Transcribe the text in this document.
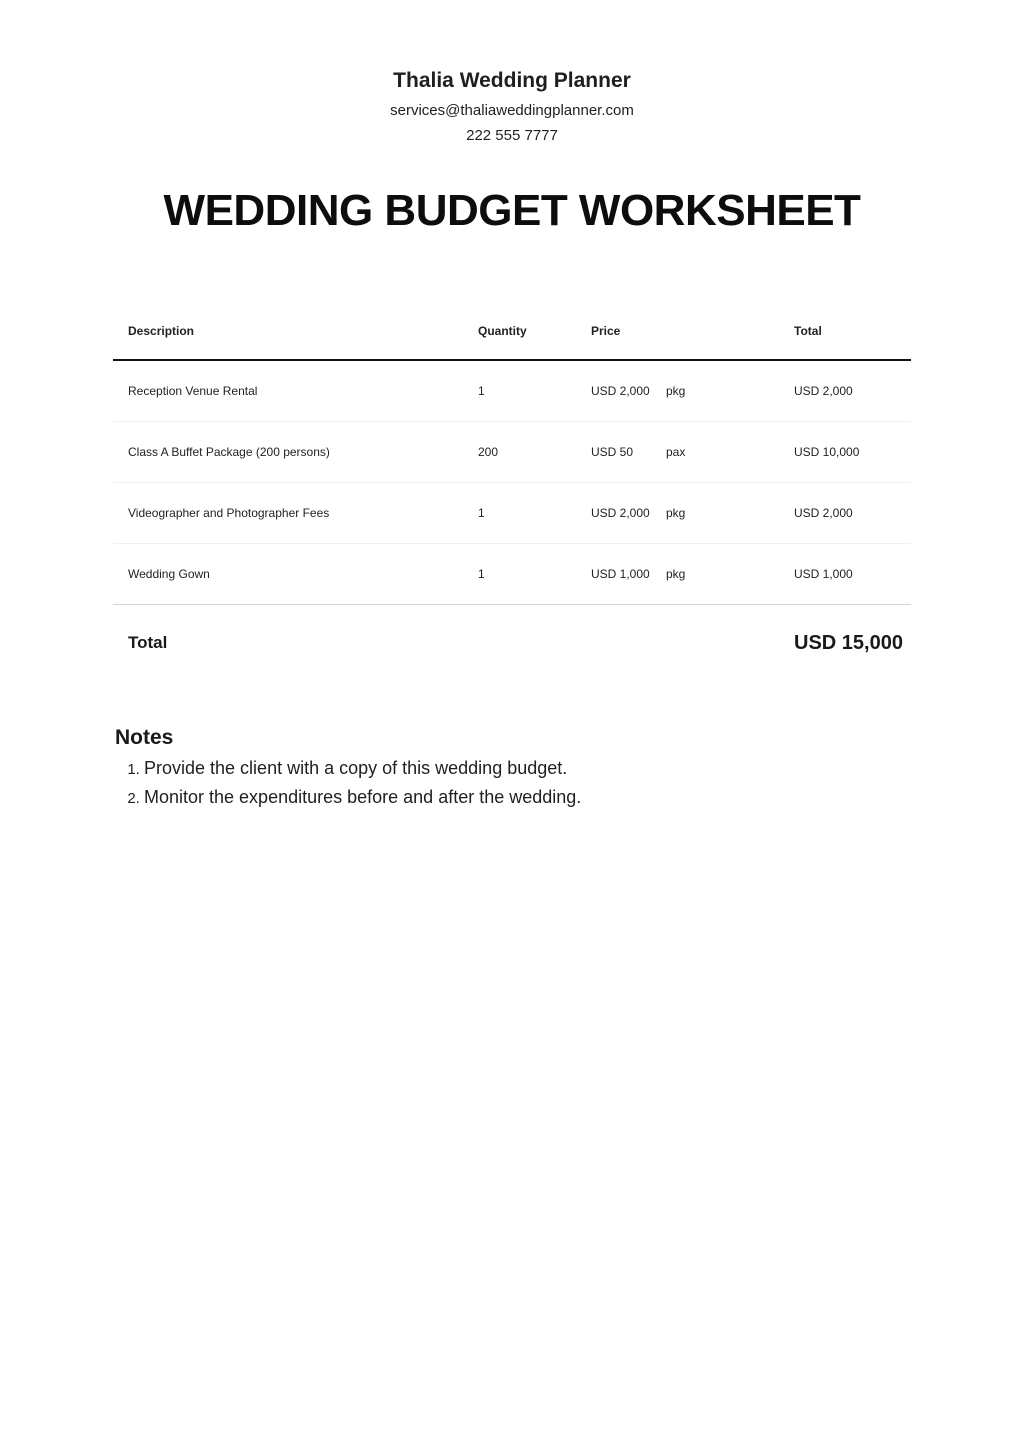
Thalia Wedding Planner
services@thaliaweddingplanner.com
222 555 7777
WEDDING BUDGET WORKSHEET
Description	Quantity	Price		Total
Reception Venue Rental	1	USD 2,000	pkg	USD 2,000
Class A Buffet Package (200 persons)	200	USD 50	pax	USD 10,000
Videographer and Photographer Fees	1	USD 2,000	pkg	USD 2,000
Wedding Gown	1	USD 1,000	pkg	USD 1,000
Total	USD 15,000
Notes
1. Provide the client with a copy of this wedding budget.
2. Monitor the expenditures before and after the wedding.
